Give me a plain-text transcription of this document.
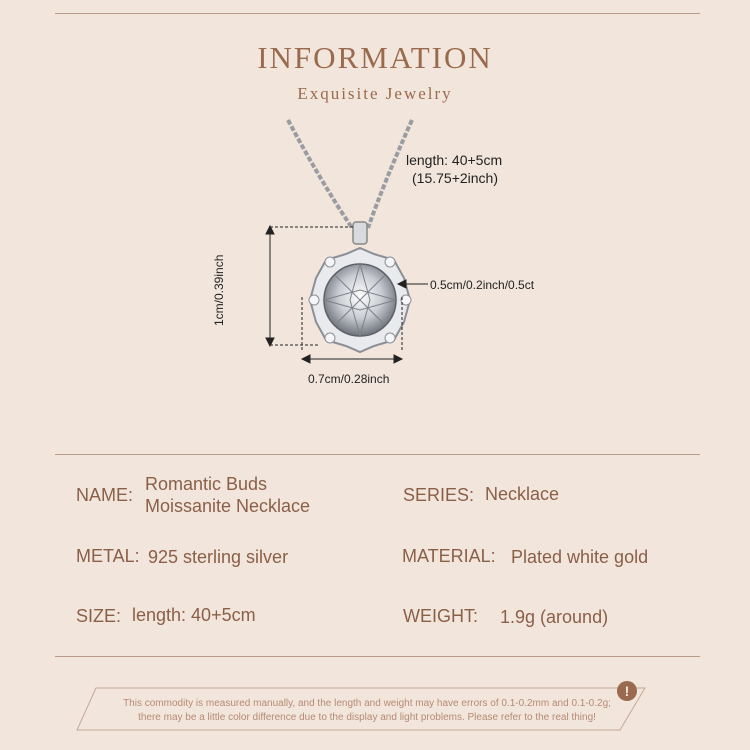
INFORMATION
Exquisite Jewelry
length: 40+5cm
(15.75+2inch)
1cm/0.39inch	0.5cm/0.2inch/0.5ct
0.7cm/0.28inch
NAME:
Romantic Buds
Moissanite Necklace
SERIES: Necklace
METAL: 925 sterling silver	MATERIAL: Plated white gold
SIZE: length: 40+5cm	WEIGHT: 1.9g (around)
!
This commodity is measured manually, and the length and weight may have errors of 0.1-0.2mm and 0.1-0.2g;
there may be a little color difference due to the display and light problems. Please refer to the real thing!
